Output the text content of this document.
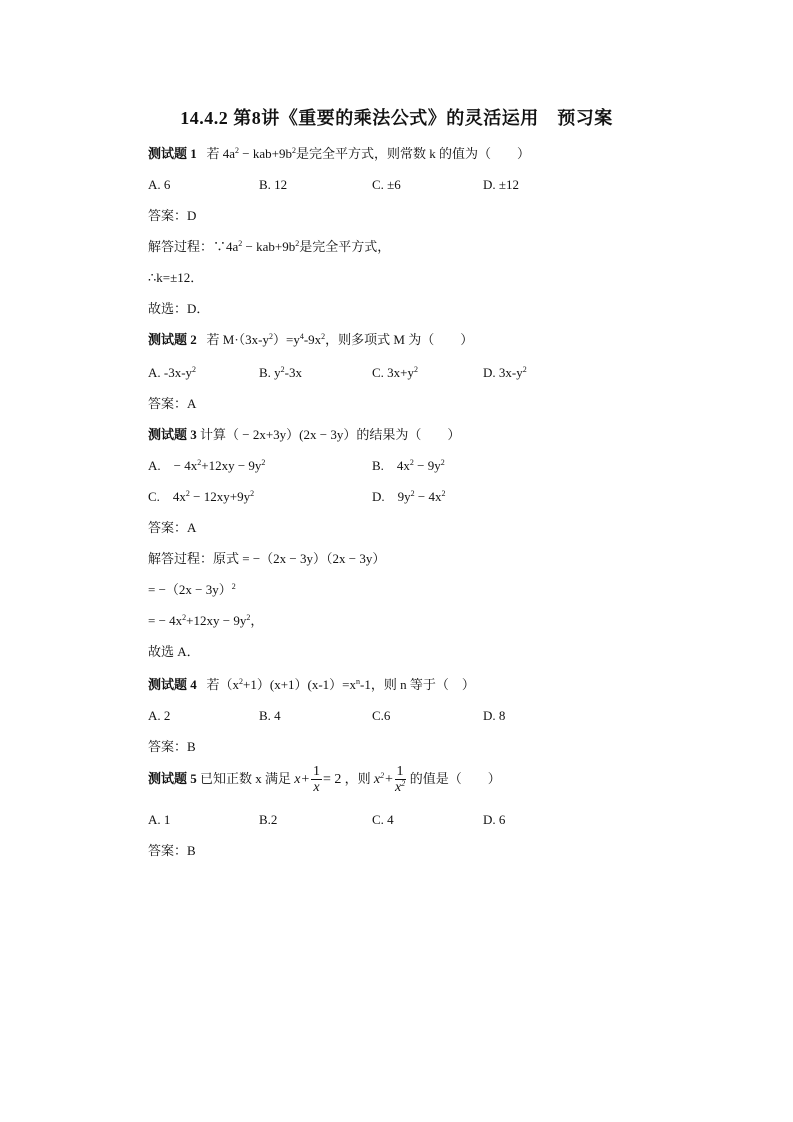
14.4.2 第8讲《重要的乘法公式》的灵活运用　预习案
测试题 1 若 $4a^2 - kab+9b^2$是完全平方式，则常数 k 的值为（　　）
A. 6	B. 12	C. ±6	D. ±12
答案：D
解答过程：$\because 4a^2 - kab+9b^2$是完全平方式，
∴k=±12．
故选：D．
测试题 2 若 $M\cdot(3x-y^2)=y^4-9x^2$，则多项式 M 为（　　）
A. $-3x-y^2$	B. $y^2-3x$	C. $3x+y^2$	D. $3x-y^2$
答案：A
测试题 3 计算（ − 2x+3y）(2x − 3y）的结果为（　　）
A.　− $4x^2+12xy - 9y^2$	B.　$4x^2 - 9y^2$
C.　$4x^2 - 12xy+9y^2$	D.　$9y^2 - 4x^2$
答案：A
解答过程：原式 = −（2x − 3y）（2x − 3y）
= $-(2x - 3y)^2$
= − $4x^2+12xy - 9y^2$，
故选 A．
测试题 4 若$(x^2+1)(x+1)(x-1)=x^n-1$，则 n 等于（　）
A. 2	B. 4	C.6	D. 8
答案：B
测试题 5 已知正数 x 满足 $x+ \frac{1}{x} = 2$ ，则 $x^2+ \frac{1}{x^2}$ 的值是（　　）
A. 1	B.2	C. 4	D. 6
答案：B
